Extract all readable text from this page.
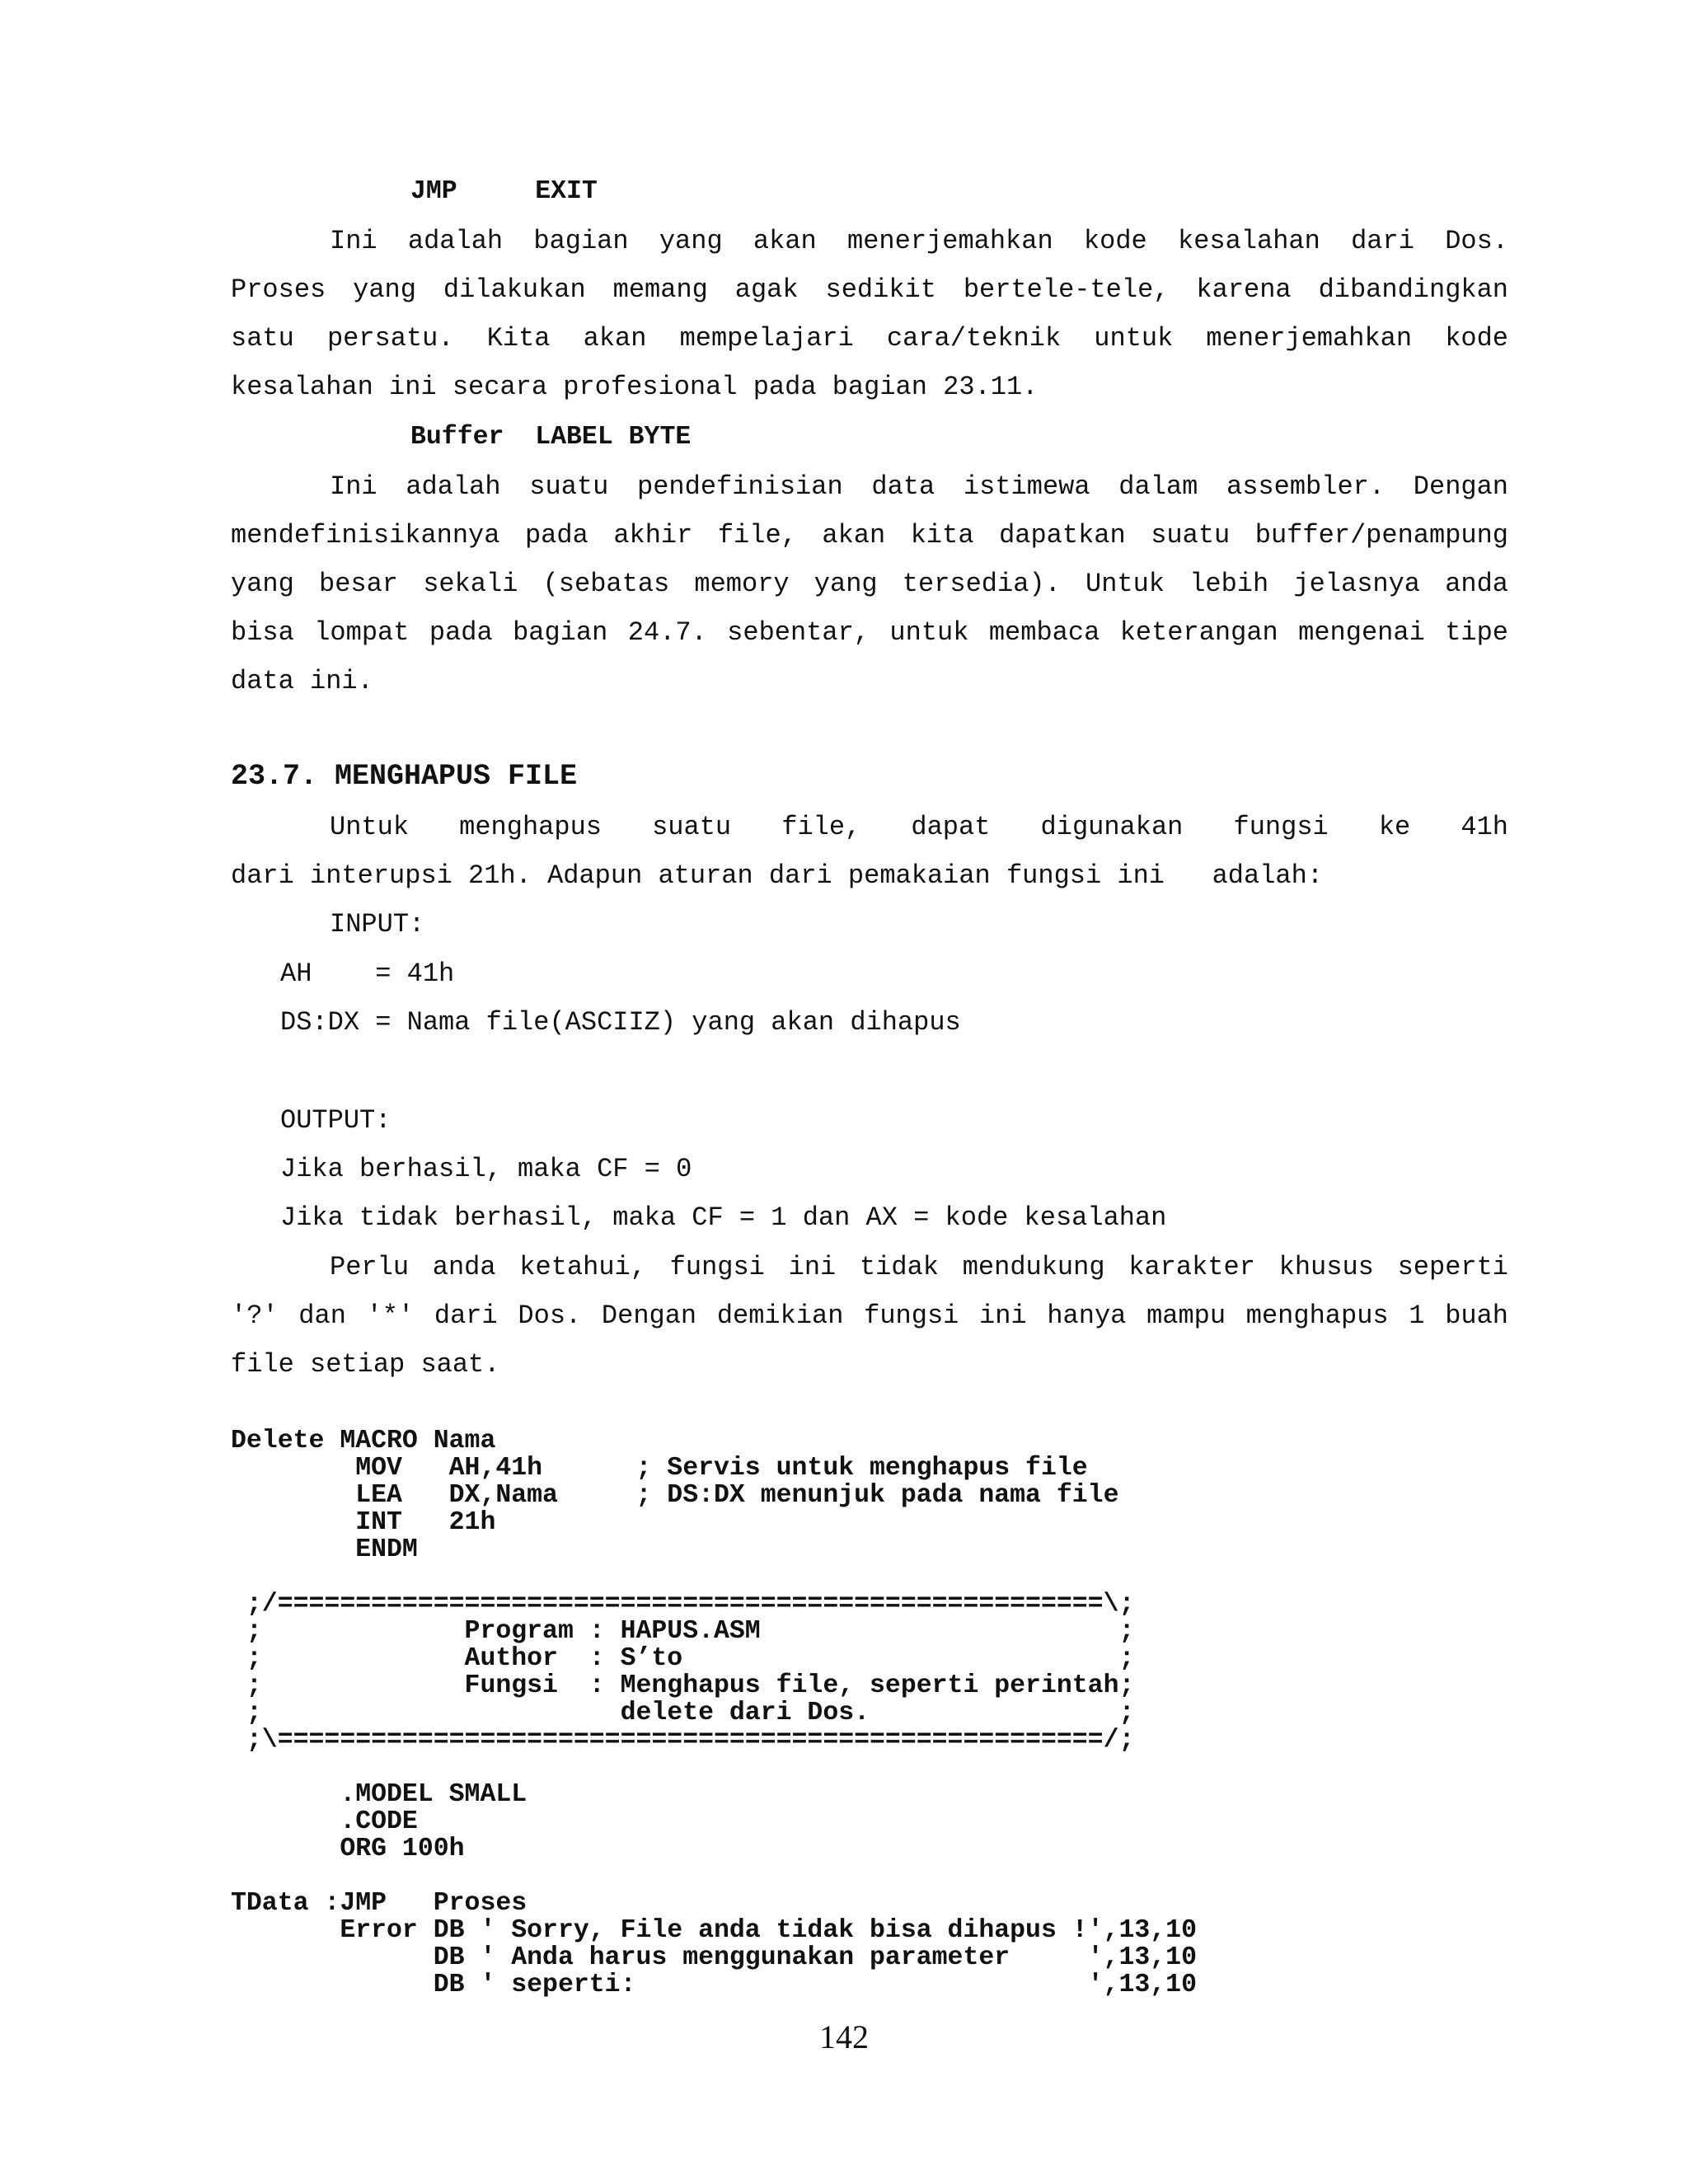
JMP     EXIT
Ini adalah bagian yang akan menerjemahkan kode kesalahan dari Dos.
Proses yang dilakukan memang agak sedikit bertele-tele, karena dibandingkan
satu persatu. Kita akan mempelajari cara/teknik untuk menerjemahkan kode
kesalahan ini secara profesional pada bagian 23.11.
Buffer  LABEL BYTE
Ini adalah suatu pendefinisian data istimewa dalam assembler. Dengan
mendefinisikannya pada akhir file, akan kita dapatkan suatu buffer/penampung
yang besar sekali (sebatas memory yang tersedia). Untuk lebih jelasnya anda
bisa lompat pada bagian 24.7. sebentar, untuk membaca keterangan mengenai tipe
data ini.
23.7. MENGHAPUS FILE
Untuk menghapus suatu file, dapat digunakan fungsi ke 41h
dari interupsi 21h. Adapun aturan dari pemakaian fungsi ini   adalah:
INPUT:
AH    = 41h
DS:DX = Nama file(ASCIIZ) yang akan dihapus
OUTPUT:
Jika berhasil, maka CF = 0
Jika tidak berhasil, maka CF = 1 dan AX = kode kesalahan
Perlu anda ketahui, fungsi ini tidak mendukung karakter khusus seperti
'?' dan '*' dari Dos. Dengan demikian fungsi ini hanya mampu menghapus 1 buah
file setiap saat.
Delete MACRO Nama
MOV   AH,41h      ; Servis untuk menghapus file
LEA   DX,Nama     ; DS:DX menunjuk pada nama file
INT   21h
ENDM
;/=====================================================\;
;             Program : HAPUS.ASM                       ;
;             Author  : S’to                            ;
;             Fungsi  : Menghapus file, seperti perintah;
;                       delete dari Dos.                ;
;\=====================================================/;
.MODEL SMALL
.CODE
ORG 100h
TData :JMP   Proses
Error DB ' Sorry, File anda tidak bisa dihapus !',13,10
DB ' Anda harus menggunakan parameter     ',13,10
DB ' seperti:                             ',13,10
142
